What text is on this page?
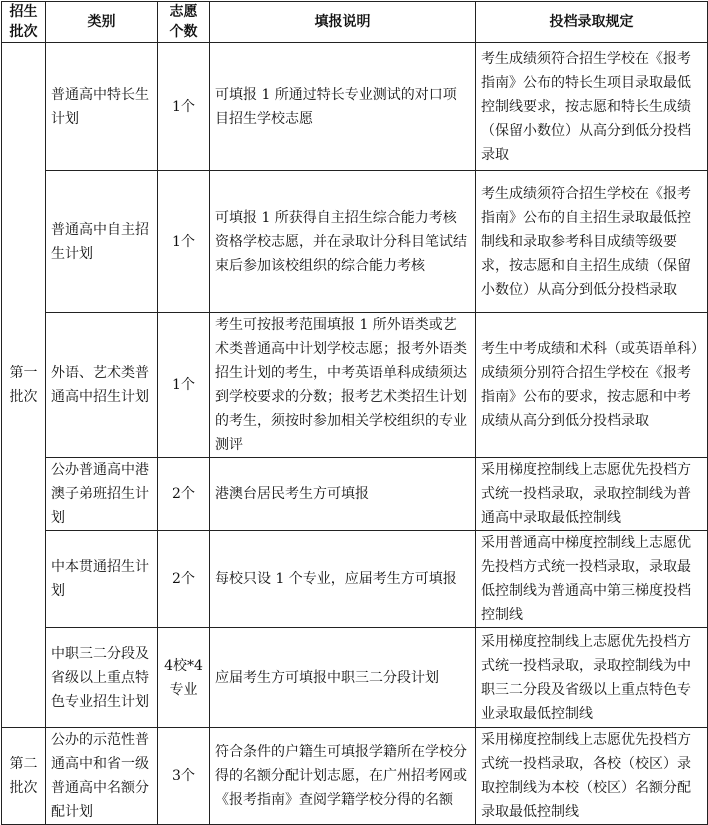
招生批次	类别	志愿个数	填报说明	投档录取规定
第一批次	普通高中特长生计划	1个	可填报 1 所通过特长专业测试的对口项目招生学校志愿	考生成绩须符合招生学校在《报考指南》公布的特长生项目录取最低控制线要求，按志愿和特长生成绩（保留小数位）从高分到低分投档录取
	普通高中自主招生计划	1个	可填报 1 所获得自主招生综合能力考核资格学校志愿，并在录取计分科目笔试结束后参加该校组织的综合能力考核	考生成绩须符合招生学校在《报考指南》公布的自主招生录取最低控制线和录取参考科目成绩等级要求，按志愿和自主招生成绩（保留小数位）从高分到低分投档录取
	外语、艺术类普通高中招生计划	1个	考生可按报考范围填报 1 所外语类或艺术类普通高中计划学校志愿；报考外语类招生计划的考生，中考英语单科成绩须达到学校要求的分数；报考艺术类招生计划的考生，须按时参加相关学校组织的专业测评	考生中考成绩和术科（或英语单科）成绩须分别符合招生学校在《报考指南》公布的要求，按志愿和中考成绩从高分到低分投档录取
	公办普通高中港澳子弟班招生计划	2个	港澳台居民考生方可填报	采用梯度控制线上志愿优先投档方式统一投档录取，录取控制线为普通高中录取最低控制线
	中本贯通招生计划	2个	每校只设 1 个专业，应届考生方可填报	采用普通高中梯度控制线上志愿优先投档方式统一投档录取，录取最低控制线为普通高中第三梯度投档控制线
	中职三二分段及省级以上重点特色专业招生计划	4校*4专业	应届考生方可填报中职三二分段计划	采用梯度控制线上志愿优先投档方式统一投档录取，录取控制线为中职三二分段及省级以上重点特色专业录取最低控制线
第二批次	公办的示范性普通高中和省一级普通高中名额分配计划	3个	符合条件的户籍生可填报学籍所在学校分得的名额分配计划志愿，在广州招考网或《报考指南》查阅学籍学校分得的名额	采用梯度控制线上志愿优先投档方式统一投档录取，各校（校区）录取控制线为本校（校区）名额分配录取最低控制线
